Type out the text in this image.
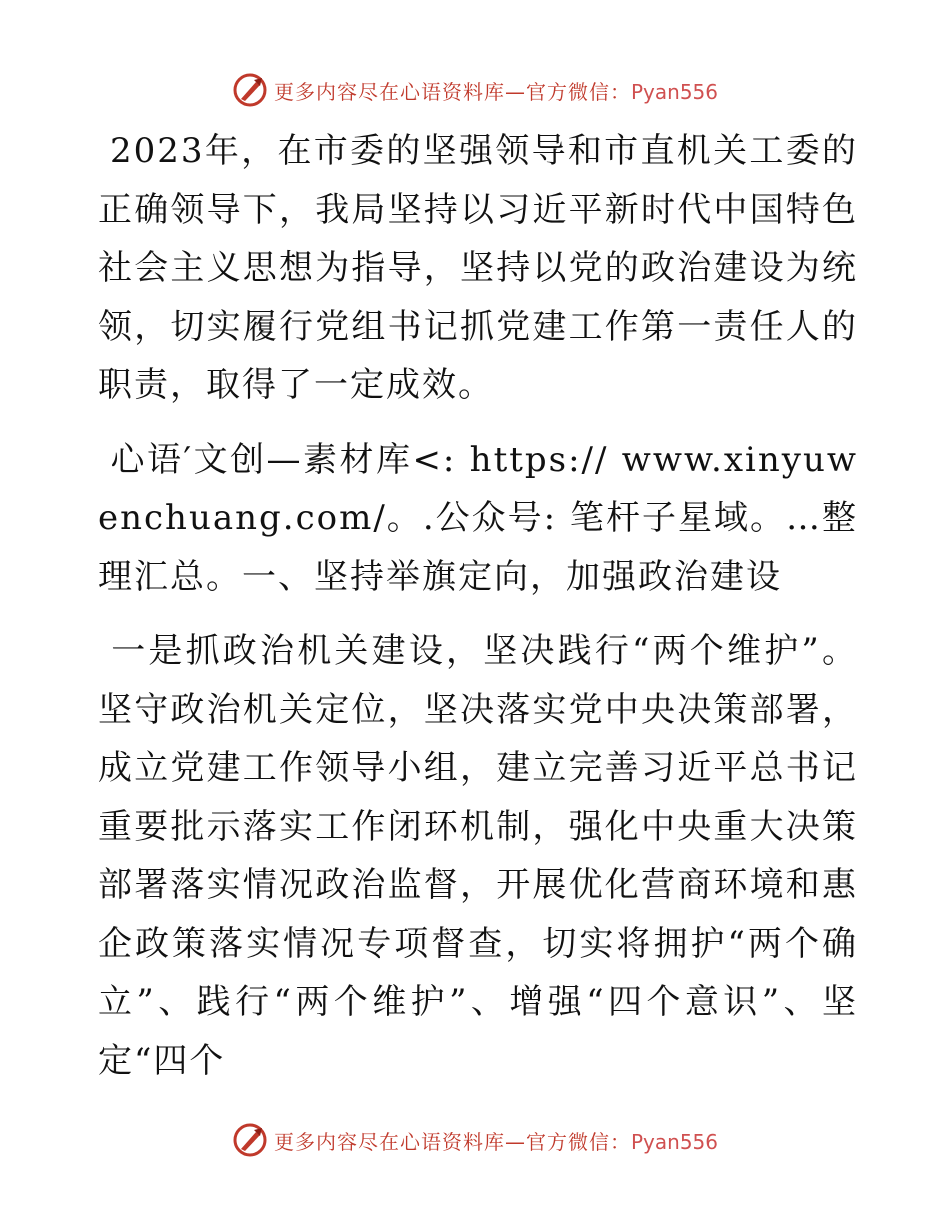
更多内容尽在心语资料库—官方微信：Pyan556

2023年，在市委的坚强领导和市直机关工委的正确领导下，我局坚持以习近平新时代中国特色社会主义思想为指导，坚持以党的政治建设为统领，切实履行党组书记抓党建工作第一责任人的职责，取得了一定成效。

心语′文创—素材库<: https:// www.xinyuwenchuang.com/。.公众号: 笔杆子星域。…整理汇总。一、坚持举旗定向，加强政治建设

一是抓政治机关建设，坚决践行“两个维护”。坚守政治机关定位，坚决落实党中央决策部署，成立党建工作领导小组，建立完善习近平总书记重要批示落实工作闭环机制，强化中央重大决策部署落实情况政治监督，开展优化营商环境和惠企政策落实情况专项督查，切实将拥护“两个确立”、践行“两个维护”、增强“四个意识”、坚定“四个

更多内容尽在心语资料库—官方微信：Pyan556
